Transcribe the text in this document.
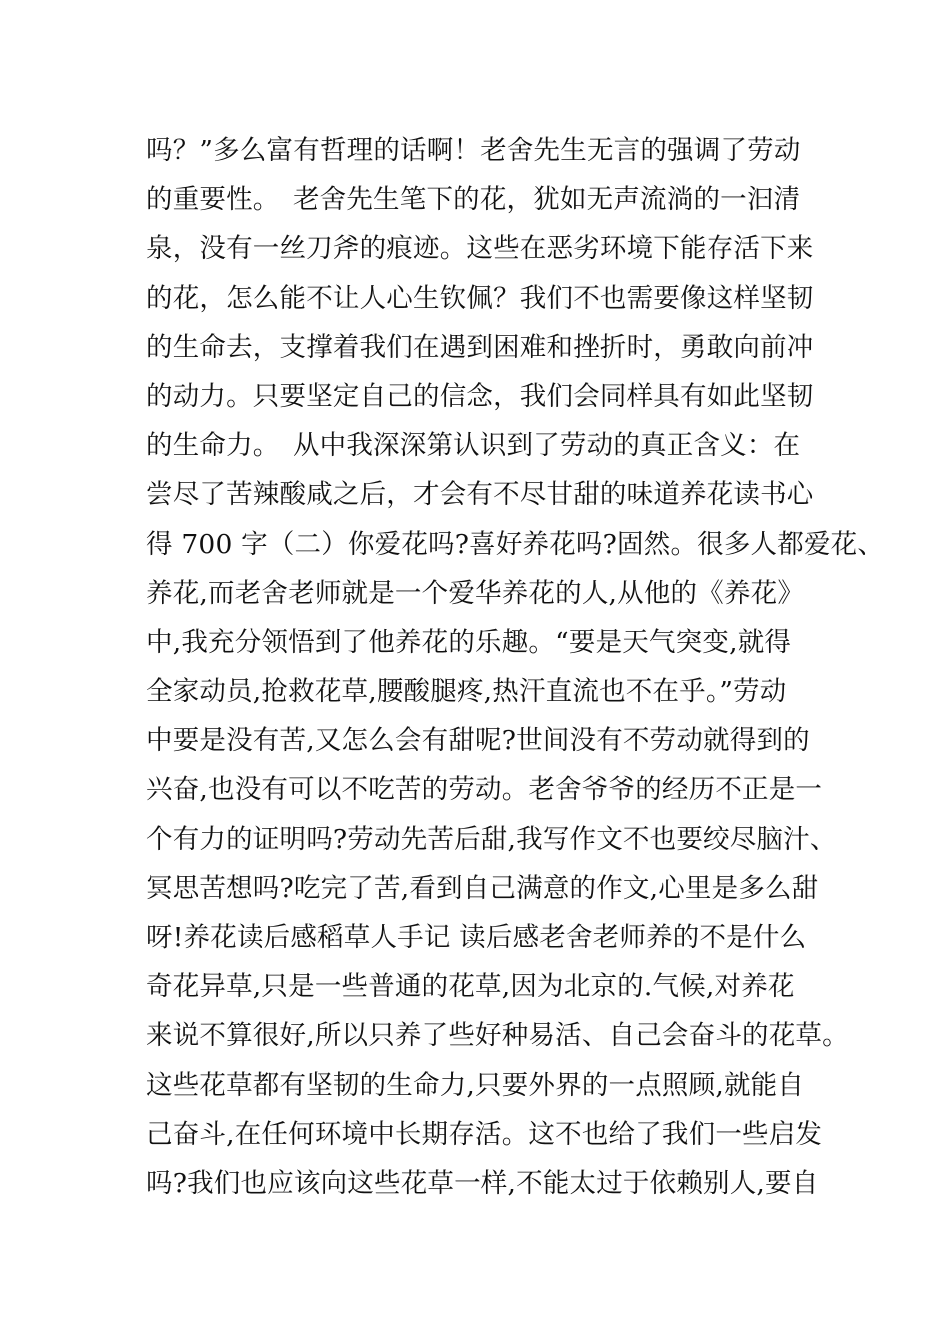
吗？”多么富有哲理的话啊！老舍先生无言的强调了劳动
的重要性。　老舍先生笔下的花，犹如无声流淌的一汩清
泉，没有一丝刀斧的痕迹。这些在恶劣环境下能存活下来
的花，怎么能不让人心生钦佩？我们不也需要像这样坚韧
的生命去，支撑着我们在遇到困难和挫折时，勇敢向前冲
的动力。只要坚定自己的信念，我们会同样具有如此坚韧
的生命力。　从中我深深第认识到了劳动的真正含义：在
尝尽了苦辣酸咸之后，才会有不尽甘甜的味道养花读书心
得 700 字（二）你爱花吗?喜好养花吗?固然。很多人都爱花、
养花,而老舍老师就是一个爱华养花的人,从他的《养花》
中,我充分领悟到了他养花的乐趣。“要是天气突变,就得
全家动员,抢救花草,腰酸腿疼,热汗直流也不在乎。”劳动
中要是没有苦,又怎么会有甜呢?世间没有不劳动就得到的
兴奋,也没有可以不吃苦的劳动。老舍爷爷的经历不正是一
个有力的证明吗?劳动先苦后甜,我写作文不也要绞尽脑汁、
冥思苦想吗?吃完了苦,看到自己满意的作文,心里是多么甜
呀!养花读后感稻草人手记 读后感老舍老师养的不是什么
奇花异草,只是一些普通的花草,因为北京的.气候,对养花
来说不算很好,所以只养了些好种易活、自己会奋斗的花草。
这些花草都有坚韧的生命力,只要外界的一点照顾,就能自
己奋斗,在任何环境中长期存活。这不也给了我们一些启发
吗?我们也应该向这些花草一样,不能太过于依赖别人,要自
